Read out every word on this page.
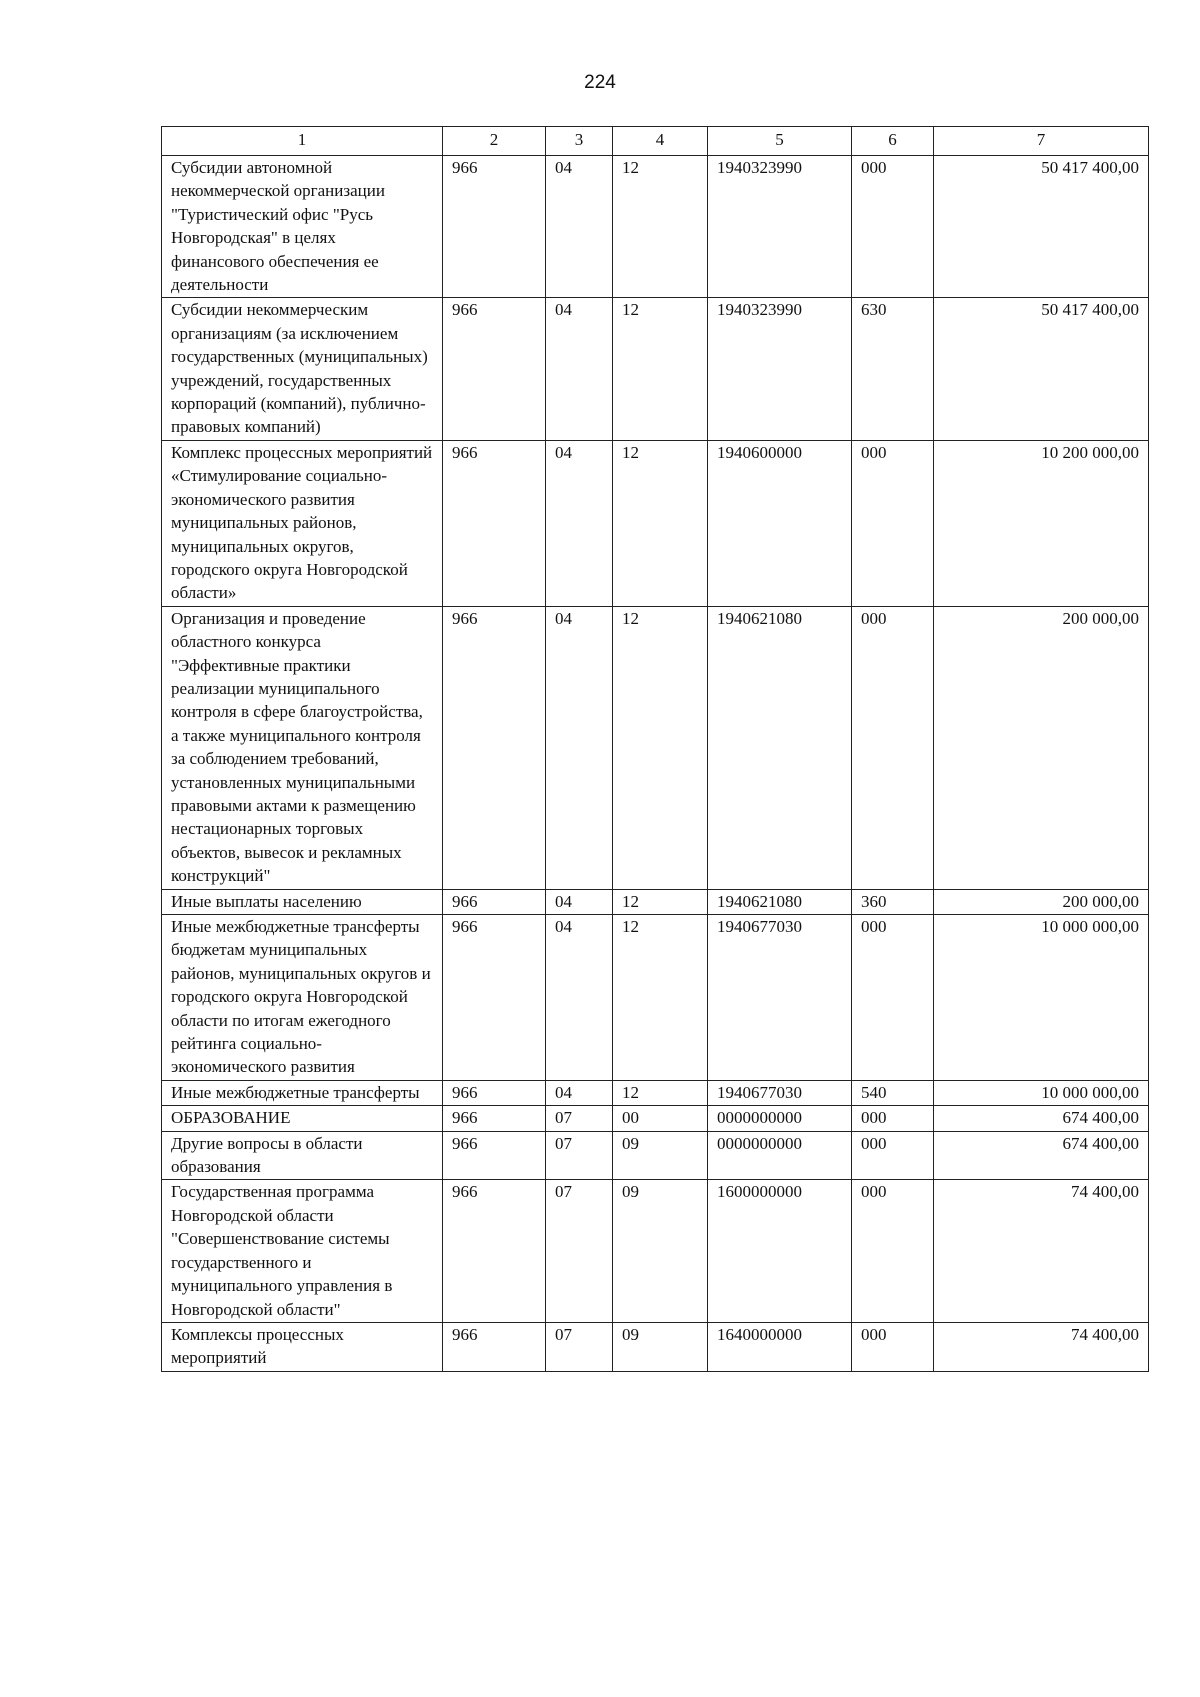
224
1	2	3	4	5	6	7
Субсидии автономной некоммерческой организации "Туристический офис "Русь Новгородская" в целях финансового обеспечения ее деятельности	966	04	12	1940323990	000	50 417 400,00
Субсидии некоммерческим организациям (за исключением государственных (муниципальных) учреждений, государственных корпораций (компаний), публично-правовых компаний)	966	04	12	1940323990	630	50 417 400,00
Комплекс процессных мероприятий «Стимулирование социально-экономического развития муниципальных районов, муниципальных округов, городского округа Новгородской области»	966	04	12	1940600000	000	10 200 000,00
Организация и проведение областного конкурса "Эффективные практики реализации муниципального контроля в сфере благоустройства, а также муниципального контроля за соблюдением требований, установленных муниципальными правовыми актами к размещению нестационарных торговых объектов, вывесок и рекламных конструкций"	966	04	12	1940621080	000	200 000,00
Иные выплаты населению	966	04	12	1940621080	360	200 000,00
Иные межбюджетные трансферты бюджетам муниципальных районов, муниципальных округов и городского округа Новгородской области по итогам ежегодного рейтинга социально-экономического развития	966	04	12	1940677030	000	10 000 000,00
Иные межбюджетные трансферты	966	04	12	1940677030	540	10 000 000,00
ОБРАЗОВАНИЕ	966	07	00	0000000000	000	674 400,00
Другие вопросы в области образования	966	07	09	0000000000	000	674 400,00
Государственная программа Новгородской области "Совершенствование системы государственного и муниципального управления в Новгородской области"	966	07	09	1600000000	000	74 400,00
Комплексы процессных мероприятий	966	07	09	1640000000	000	74 400,00
